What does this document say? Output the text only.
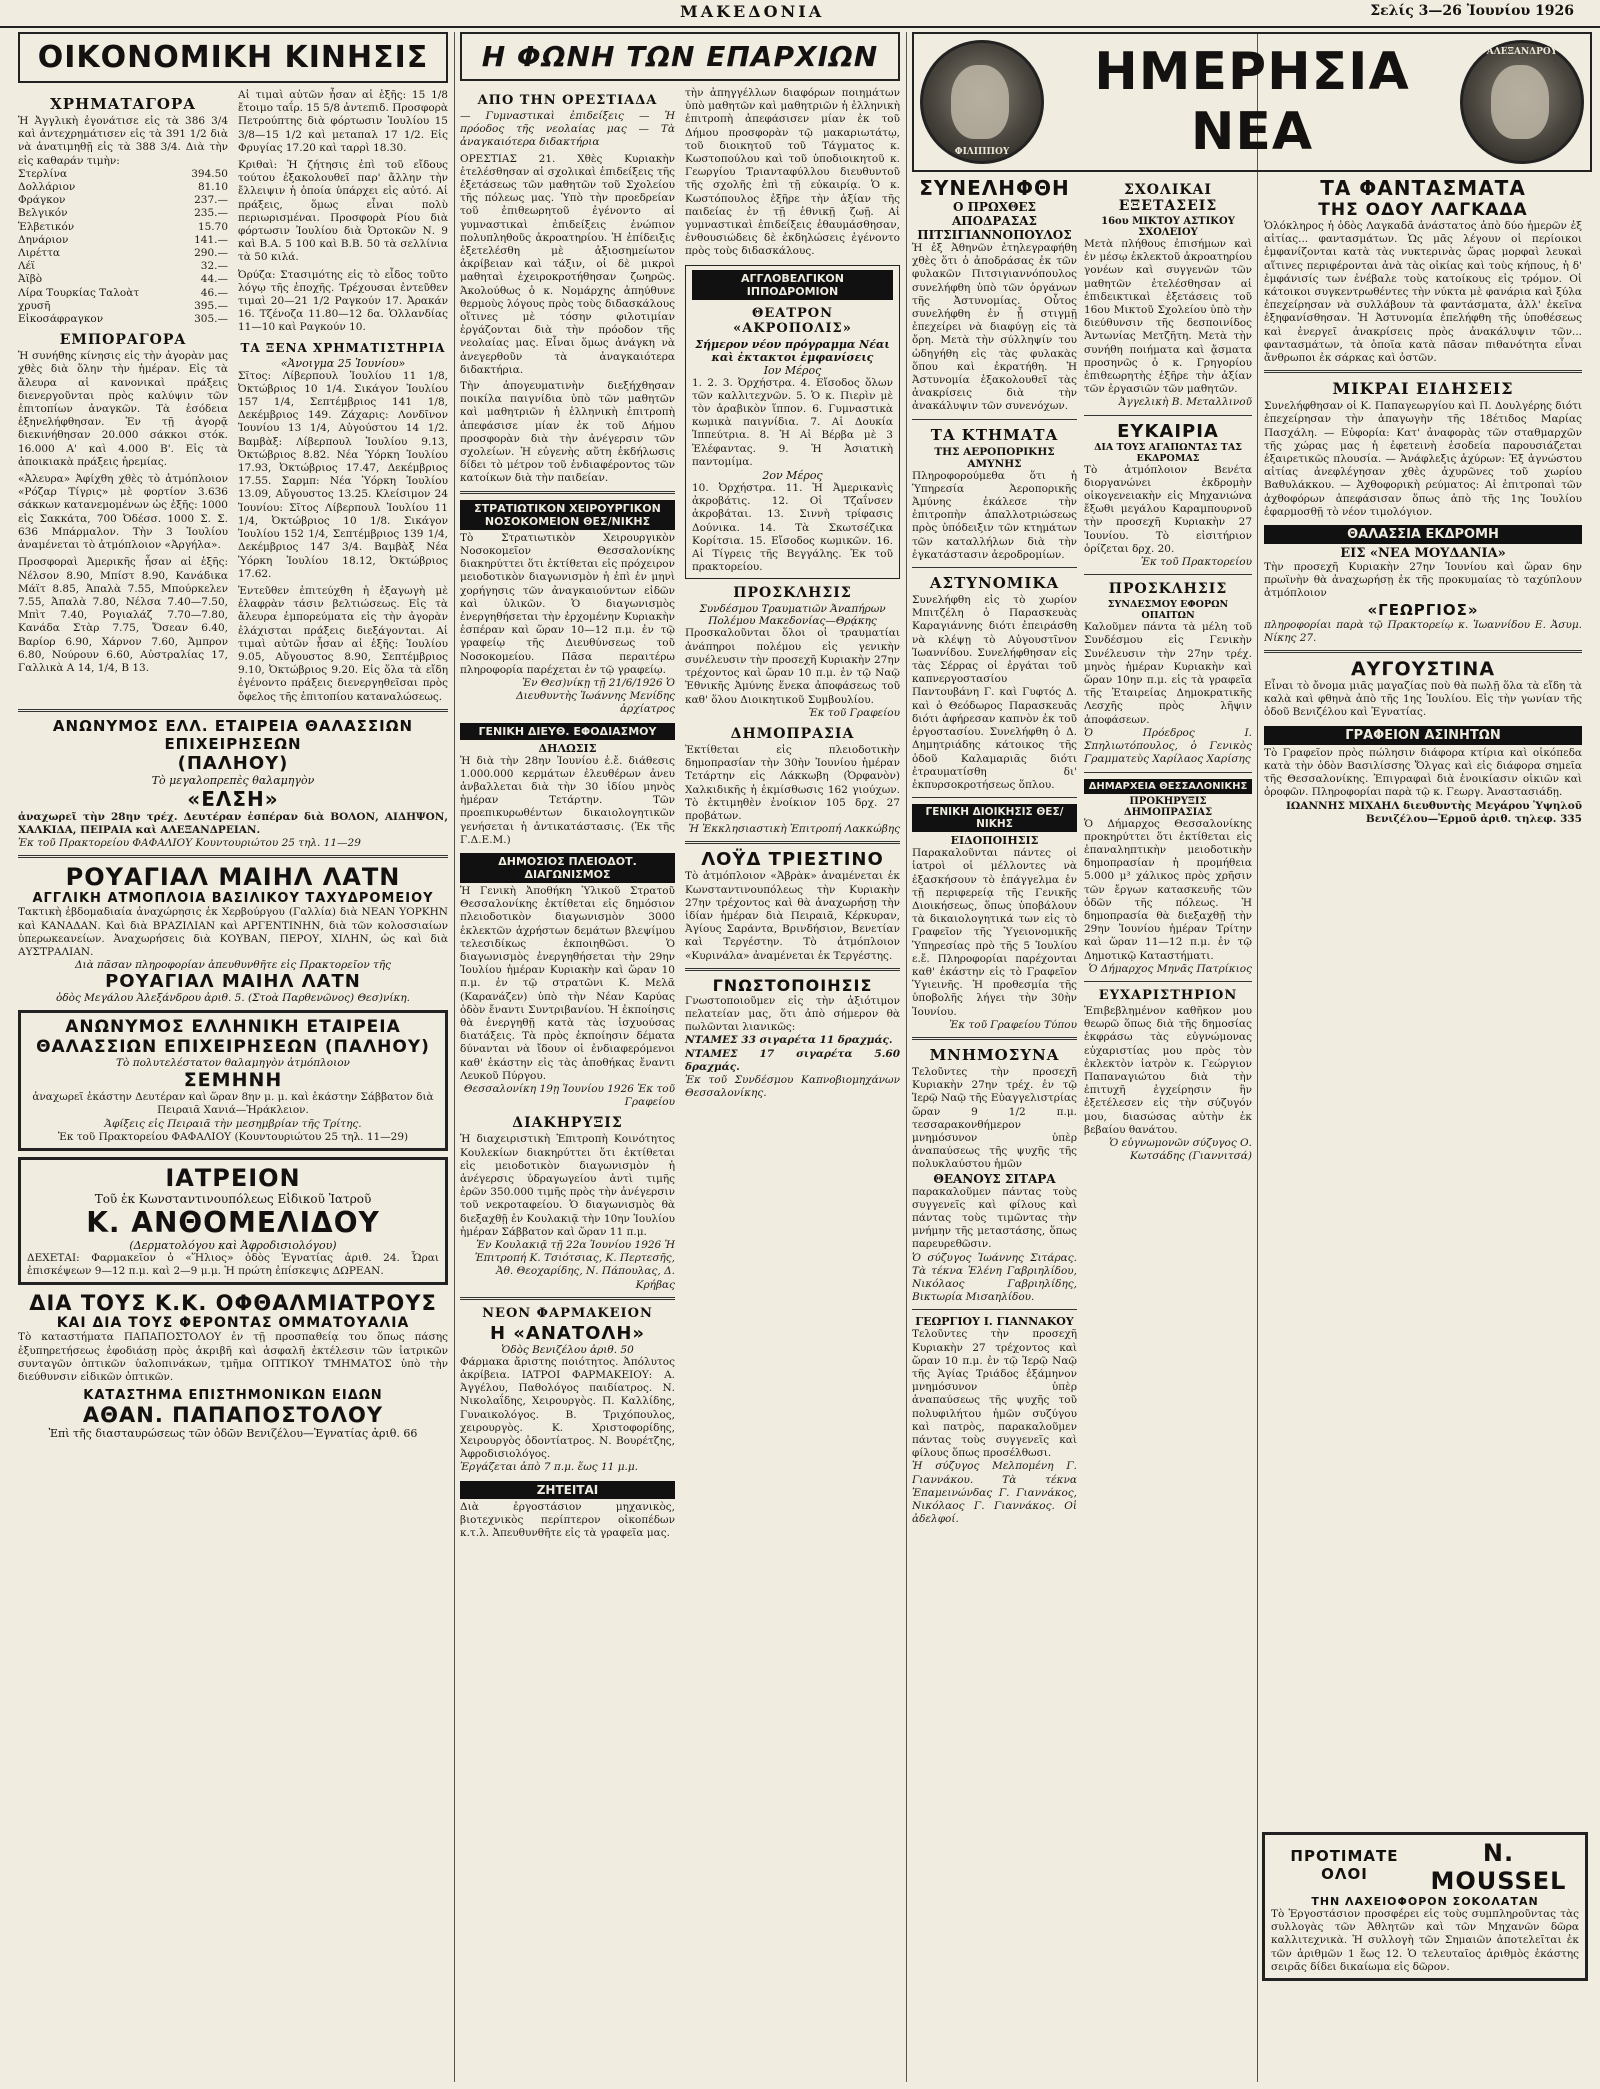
ΜΑΚΕΔΟΝΙΑ	Σελίς 3—26 Ἰουνίου 1926
ΟΙΚΟΝΟΜΙΚΗ ΚΙΝΗΣΙΣ
ΧΡΗΜΑΤΑΓΟΡΑ
Ἡ Ἀγγλικὴ ἐγονάτισε εἰς τὰ 386 3/4 καὶ ἀντεχρημάτισεν εἰς τὰ 391 1/2 διὰ νὰ ἀνατιμηθῇ εἰς τὰ 388 3/4. Διὰ τὴν εἰς καθαράν τιμὴν:
Στερλίνα	394.50
Δολλάριον	81.10
Φράγκον	237.—
Βελγικόν	235.—
Ἑλβετικόν	15.70
Δηνάριον	141.—
Λιρέττα	290.—
Λέϊ	32.—
Ἀϊβὸ	44.—
Λίρα Τουρκίας Ταλοὰτ	46.—
χρυσῆ	395.—
Εἰκοσάφραγκον	305.—
ΕΜΠΟΡΑΓΟΡΑ
Ἡ συνήθης κίνησις εἰς τὴν ἀγορὰν μας χθὲς διὰ ὅλην τὴν ἡμέραν. Εἰς τὰ ἄλευρα αἱ κανονικαὶ πράξεις διενεργοῦνται πρὸς καλύψιν τῶν ἐπιτοπίων ἀναγκῶν. Τὰ ἐσόδεια ἐξηνελήφθησαν. Ἐν τῇ ἀγορᾷ διεκινήθησαν 20.000 σάκκοι στόκ. 16.000 Α' καὶ 4.000 Β'. Εἰς τὰ ἀποικιακὰ πράξεις ἠρεμίας.
«Ἀλευρα» Ἀφίχθη χθὲς τὸ ἀτμόπλοιον «Ρόζαρ Τίγρις» μὲ φορτίον 3.636 σάκκων κατανεμομένων ὡς ἑξῆς: 1000 εἰς Σακκάτα, 700 Ὀδέσσ. 1000 Σ. Σ. 636 Μπάρμαλον. Τὴν 3 Ἰουλίου ἀναμένεται τὸ ἀτμόπλοιον «Ἀργήλα».
Προσφοραὶ Ἀμερικῆς ἦσαν αἱ ἑξῆς: Νέλσον 8.90, Μπίστ 8.90, Κανάδικα Μάϊτ 8.85, Ἀπαλὰ 7.55, Μπούρκελεν 7.55, Ἀπαλὰ 7.80, Νέλσα 7.40—7.50, Μπὶτ 7.40, Ρογιαλάζ 7.70—7.80, Κανάδα Στὰρ 7.75, Ὄσεαν 6.40, Βαρίορ 6.90, Χάρνον 7.60, Ἀμπρον 6.80, Νούρουν 6.60, Αὐστραλίας 17, Γαλλικὰ Α 14, 1/4, Β 13.
Αἱ τιμαὶ αὐτῶν ἦσαν αἱ ἑξῆς: 15 1/8 ἔτοιμο ταΐρ. 15 5/8 ἀντεπιδ. Προσφορὰ Πετρούπτης διὰ φόρτωσιν Ἰουλίου 15 3/8—15 1/2 καὶ μεταπαλ 17 1/2. Εἰς Φρυγίας 17.20 καὶ ταρρὶ 18.30.
Κριθαὶ: Ἡ ζήτησις ἐπὶ τοῦ εἴδους τούτου ἐξακολουθεῖ παρ' ἄλλην τὴν ἔλλειψιν ἡ ὁποία ὑπάρχει εἰς αὐτό. Αἱ πράξεις, ὅμως εἶναι πολὺ περιωρισμέναι. Προσφορὰ Ρίου διὰ φόρτωσιν Ἰουλίου διὰ Ὀρτοκῶν Ν. 9 καὶ Β.Α. 5 100 καὶ Β.Β. 50 τὰ σελλίνια τὰ 50 κιλά.
Ὀρύζα: Στασιμότης εἰς τὸ εἶδος τοῦτο λόγῳ τῆς ἐποχῆς. Τρέχουσαι ἐντεῦθεν τιμαὶ 20—21 1/2 Ραγκούν 17. Ἀρακάν 16. Τζένοζα 11.80—12 δα. Ὁλλανδίας 11—10 καὶ Ραγκούν 10.
ΤΑ ΞΕΝΑ ΧΡΗΜΑΤΙΣΤΗΡΙΑ
«Ἀνοιγμα 25 Ἰουνίου»
Σῖτος: Λίβερπουλ Ἰουλίου 11 1/8, Ὀκτώβριος 10 1/4. Σικάγον Ἰουλίου 157 1/4, Σεπτέμβριος 141 1/8, Δεκέμβριος 149. Ζάχαρις: Λονδῖνον Ἰουνίου 13 1/4, Αὐγούστου 14 1/2. Βαμβὰξ: Λίβερπουλ Ἰουλίου 9.13, Ὀκτώβριος 8.82. Νέα Ὑόρκη Ἰουλίου 17.93, Ὀκτώβριος 17.47, Δεκέμβριος 17.55. Σαρμπ: Νέα Ὑόρκη Ἰουλίου 13.09, Αὔγουστος 13.25. Κλείσιμον 24 Ἰουνίου: Σῖτος Λίβερπουλ Ἰουλίου 11 1/4, Ὀκτώβριος 10 1/8. Σικάγον Ἰουλίου 152 1/4, Σεπτέμβριος 139 1/4, Δεκέμβριος 147 3/4. Βαμβὰξ Νέα Ὑόρκη Ἰουλίου 18.12, Ὀκτώβριος 17.62.
Ἐντεῦθεν ἐπιτεύχθη ἡ ἐξαγωγὴ μὲ ἐλαφρὰν τάσιν βελτιώσεως. Εἰς τὰ ἄλευρα ἐμπορεύματα εἰς τὴν ἀγορὰν ἐλάχισται πράξεις διεξάγονται. Αἱ τιμαὶ αὐτῶν ἦσαν αἱ ἑξῆς: Ἰουλίου 9.05, Αὔγουστος 8.90, Σεπτέμβριος 9.10, Ὀκτώβριος 9.20. Εἰς ὅλα τὰ εἴδη ἐγένοντο πράξεις διενεργηθεῖσαι πρὸς ὄφελος τῆς ἐπιτοπίου καταναλώσεως.
ΑΝΩΝΥΜΟΣ ΕΛΛ. ΕΤΑΙΡΕΙΑ ΘΑΛΑΣΣΙΩΝ ΕΠΙΧΕΙΡΗΣΕΩΝ
(ΠΑΛΗΟΥ)
Τὸ μεγαλοπρεπὲς θαλαμηγὸν
«ΕΛΣΗ»
ἀναχωρεῖ τὴν 28ην τρέχ. Δευτέραν ἑσπέραν διὰ ΒΟΛΟΝ, ΑΙΔΗΨΟΝ, ΧΑΛΚΙΔΑ, ΠΕΙΡΑΙΑ καὶ ΑΛΕΞΑΝΔΡΕΙΑΝ.
Ἐκ τοῦ Πρακτορείου ΦΑΦΑΛΙΟΥ Κουντουριώτου 25 τηλ. 11—29
ΡΟΥΑΓΙΑΛ ΜΑΙΗΛ ΛΑΤΝ
ΑΓΓΛΙΚΗ ΑΤΜΟΠΛΟΙΑ ΒΑΣΙΛΙΚΟΥ ΤΑΧΥΔΡΟΜΕΙΟΥ
Τακτικὴ ἑβδομαδιαία ἀναχώρησις ἐκ Χερβούργου (Γαλλία) διὰ ΝΕΑΝ ΥΟΡΚΗΝ καὶ ΚΑΝΑΔΑΝ. Καὶ διὰ ΒΡΑΖΙΛΙΑΝ καὶ ΑΡΓΕΝΤΙΝΗΝ, διὰ τῶν κολοσσιαίων ὑπερωκεανείων. Ἀναχωρήσεις διὰ ΚΟΥΒΑΝ, ΠΕΡΟΥ, ΧΙΛΗΝ, ὡς καὶ διὰ ΑΥΣΤΡΑΛΙΑΝ.
Διὰ πᾶσαν πληροφορίαν ἀπευθυνθῆτε εἰς Πρακτορεῖον τῆς
ΡΟΥΑΓΙΑΛ ΜΑΙΗΛ ΛΑΤΝ
ὁδὸς Μεγάλου Ἀλεξάνδρου ἀριθ. 5. (Στοὰ Παρθενῶνος) Θεσ)νίκη.
ΑΝΩΝΥΜΟΣ ΕΛΛΗΝΙΚΗ ΕΤΑΙΡΕΙΑ
ΘΑΛΑΣΣΙΩΝ ΕΠΙΧΕΙΡΗΣΕΩΝ (ΠΑΛΗΟΥ)
Τὸ πολυτελέστατον θαλαμηγὸν ἀτμόπλοιον
ΣΕΜΗΝΗ
ἀναχωρεῖ ἑκάστην Δευτέραν καὶ ὥραν 8ην μ. μ. καὶ ἑκάστην Σάββατον διὰ Πειραιᾶ Χανιά—Ἠράκλειον.
Ἀφίξεις εἰς Πειραιᾶ τὴν μεσημβρίαν τῆς Τρίτης.
Ἐκ τοῦ Πρακτορείου ΦΑΦΑΛΙΟΥ (Κουντουριώτου 25 τηλ. 11—29)
ΙΑΤΡΕΙΟΝ
Τοῦ ἐκ Κωνσταντινουπόλεως Εἰδικοῦ Ἰατροῦ
Κ. ΑΝΘΟΜΕΛΙΔΟΥ
(Δερματολόγου καὶ Ἀφροδισιολόγου)
ΔΕΧΕΤΑΙ: Φαρμακεῖον ὁ «Ἥλιος» ὁδὸς Ἐγνατίας ἀριθ. 24. Ὧραι ἐπισκέψεων 9—12 π.μ. καὶ 2—9 μ.μ. Ἡ πρώτη ἐπίσκεψις ΔΩΡΕΑΝ.
ΔΙΑ ΤΟΥΣ Κ.Κ. ΟΦΘΑΛΜΙΑΤΡΟΥΣ
ΚΑΙ ΔΙΑ ΤΟΥΣ ΦΕΡΟΝΤΑΣ ΟΜΜΑΤΟΥΑΛΙΑ
Τὸ καταστήματα ΠΑΠΑΠΟΣΤΟΛΟΥ ἐν τῇ προσπαθείᾳ του ὅπως πάσης ἐξυπηρετήσεως ἐφοδιάσῃ πρὸς ἀκριβῆ καὶ ἀσφαλῆ ἐκτέλεσιν τῶν ἰατρικῶν συνταγῶν ὀπτικῶν ὑαλοπινάκων, τμῆμα ΟΠΤΙΚΟΥ ΤΜΗΜΑΤΟΣ ὑπὸ τὴν διεύθυνσιν εἰδικῶν ὀπτικῶν.
ΚΑΤΑΣΤΗΜΑ ΕΠΙΣΤΗΜΟΝΙΚΩΝ ΕΙΔΩΝ
ΑΘΑΝ. ΠΑΠΑΠΟΣΤΟΛΟΥ
Ἐπὶ τῆς διασταυρώσεως τῶν ὁδῶν Βενιζέλου—Ἐγνατίας ἀριθ. 66
Η ΦΩΝΗ ΤΩΝ ΕΠΑΡΧΙΩΝ
ΑΠΟ ΤΗΝ ΟΡΕΣΤΙΑΔΑ
— Γυμναστικαὶ ἐπιδείξεις — Ἡ πρόοδος τῆς νεολαίας μας — Τὰ ἀναγκαιότερα διδακτήρια
ΟΡΕΣΤΙΑΣ 21. Χθὲς Κυριακὴν ἐτελέσθησαν αἱ σχολικαὶ ἐπιδείξεις τῆς ἐξετάσεως τῶν μαθητῶν τοῦ Σχολείου τῆς πόλεως μας. Ὑπὸ τὴν προεδρείαν τοῦ ἐπιθεωρητοῦ ἐγένοντο αἱ γυμναστικαὶ ἐπιδείξεις ἐνώπιον πολυπληθοῦς ἀκροατηρίου. Ἡ ἐπίδειξις ἐξετελέσθη μὲ ἀξιοσημείωτον ἀκρίβειαν καὶ τάξιν, οἱ δὲ μικροὶ μαθηταὶ ἐχειροκροτήθησαν ζωηρῶς. Ἀκολούθως ὁ κ. Νομάρχης ἀπηύθυνε θερμοὺς λόγους πρὸς τοὺς διδασκάλους οἵτινες μὲ τόσην φιλοτιμίαν ἐργάζονται διὰ τὴν πρόοδον τῆς νεολαίας μας. Εἶναι ὅμως ἀνάγκη νὰ ἀνεγερθοῦν τὰ ἀναγκαιότερα διδακτήρια.
Τὴν ἀπογευματινὴν διεξήχθησαν ποικίλα παιγνίδια ὑπὸ τῶν μαθητῶν καὶ μαθητριῶν ἡ ἑλληνικὴ ἐπιτροπὴ ἀπεφάσισε μίαν ἐκ τοῦ Δήμου προσφορὰν διὰ τὴν ἀνέγερσιν τῶν σχολείων. Ἡ εὐγενὴς αὕτη ἐκδήλωσις δίδει τὸ μέτρον τοῦ ἐνδιαφέροντος τῶν κατοίκων διὰ τὴν παιδείαν.
ΣΤΡΑΤΙΩΤΙΚΟΝ ΧΕΙΡΟΥΡΓΙΚΟΝ ΝΟΣΟΚΟΜΕΙΟΝ ΘΕΣ/ΝΙΚΗΣ
Τὸ Στρατιωτικὸν Χειρουργικὸν Νοσοκομεῖον Θεσσαλονίκης διακηρύττει ὅτι ἐκτίθεται εἰς πρόχειρον μειοδοτικὸν διαγωνισμὸν ἡ ἐπὶ ἐν μηνὶ χορήγησις τῶν ἀναγκαιούντων εἰδῶν καὶ ὑλικῶν. Ὁ διαγωνισμὸς ἐνεργηθήσεται τὴν ἐρχομένην Κυριακὴν ἐσπέραν καὶ ὥραν 10—12 π.μ. ἐν τῷ γραφείῳ τῆς Διευθύνσεως τοῦ Νοσοκομείου. Πᾶσα περαιτέρω πληροφορία παρέχεται ἐν τῷ γραφείῳ.
Ἐν Θεσ)νίκῃ τῇ 21/6/1926 Ὁ Διευθυντὴς Ἰωάννης Μενίδης ἀρχίατρος
ΓΕΝΙΚΗ ΔΙΕΥΘ. ΕΦΟΔΙΑΣΜΟΥ
ΔΗΛΩΣΙΣ
Ἡ διὰ τὴν 28ην Ἰουνίου ἐ.ἔ. διάθεσις 1.000.000 κερμάτων ἐλευθέρων ἀνευ ἀνβαλλεται διὰ τὴν 30 ἰδίου μηνὸς ἡμέραν Τετάρτην. Τῶν προεπικυρωθέντων δικαιολογητικῶν γενήσεται ἡ ἀντικατάστασις. (Ἐκ τῆς Γ.Δ.Ε.Μ.)
ΔΗΜΟΣΙΟΣ ΠΛΕΙΟΔΟΤ. ΔΙΑΓΩΝΙΣΜΟΣ
Ἡ Γενικὴ Ἀποθήκη Ὑλικοῦ Στρατοῦ Θεσσαλονίκης ἐκτίθεται εἰς δημόσιον πλειοδοτικὸν διαγωνισμὸν 3000 ἐκλεκτῶν ἀχρήστων δεμάτων βλεψίμου τελεσιδίκως ἐκποιηθῶσι. Ὁ διαγωνισμὸς ἐνεργηθήσεται τὴν 29ην Ἰουλίου ἡμέραν Κυριακὴν καὶ ὥραν 10 π.μ. ἐν τῷ στρατῶνι Κ. Μελᾶ (Καρανάζεν) ὑπὸ τὴν Νέαν Καρύας ὁδὸν ἔναντι Συντριβανίου. Ἡ ἐκποίησις θὰ ἐνεργηθῇ κατὰ τὰς ἰσχυούσας διατάξεις. Τὰ πρὸς ἐκποίησιν δέματα δύνανται νὰ ἴδουν οἱ ἐνδιαφερόμενοι καθ' ἑκάστην εἰς τὰς ἀποθήκας ἔναντι Λευκοῦ Πύργου.
Θεσσαλονίκη 19ῃ Ἰουνίου 1926 Ἐκ τοῦ Γραφείου
ΔΙΑΚΗΡΥΞΙΣ
Ἡ διαχειριστικὴ Ἐπιτροπὴ Κοινότητος Κουλεκίων διακηρύττει ὅτι ἐκτίθεται εἰς μειοδοτικὸν διαγωνισμὸν ἡ ἀνέγερσις ὑδραγωγείου ἀντὶ τιμῆς ἐρῶν 350.000 τιμῆς πρὸς τὴν ἀνέγερσιν τοῦ νεκροταφείου. Ὁ διαγωνισμὸς θὰ διεξαχθῇ ἐν Κουλακιᾷ τὴν 10ην Ἰουλίου ἡμέραν Σάββατον καὶ ὥραν 11 π.μ.
Ἐν Κουλακιᾷ τῇ 22α Ἰουνίου 1926 Ἡ Ἐπιτροπή Κ. Τσιότσιας, Κ. Περτεσῆς, Ἀθ. Θεοχαρίδης, Ν. Πάπουλας, Δ. Κρήβας
ΝΕΟΝ ΦΑΡΜΑΚΕΙΟΝ
Η «ΑΝΑΤΟΛΗ»
Ὁδὸς Βενιζέλου ἀριθ. 50
Φάρμακα ἄριστης ποιότητος. Ἀπόλυτος ἀκρίβεια. ΙΑΤΡΟΙ ΦΑΡΜΑΚΕΙΟΥ: Α. Ἀγγέλου, Παθολόγος παιδίατρος. Ν. Νικολαΐδης, Χειρουργὸς. Π. Καλλίδης, Γυναικολόγος. Β. Τριχόπουλος, χειρουργὸς. Κ. Χριστοφορίδης, Χειρουργὸς ὀδοντίατρος. Ν. Βουρέτζης, Ἀφροδισιολόγος.
Ἐργάζεται ἀπὸ 7 π.μ. ἕως 11 μ.μ.
ΖΗΤΕΙΤΑΙ
Διὰ ἐργοστάσιον μηχανικὸς, βιοτεχνικὸς περίπτερον οἰκοπέδων κ.τ.λ. Ἀπευθυνθῆτε εἰς τὰ γραφεῖα μας.
τὴν ἀπηγγέλλων διαφόρων ποιημάτων ὑπὸ μαθητῶν καὶ μαθητριῶν ἡ ἑλληνικὴ ἐπιτροπὴ ἀπεφάσισεν μίαν ἐκ τοῦ Δήμου προσφορὰν τῷ μακαριωτάτῳ, τοῦ διοικητοῦ τοῦ Τάγματος κ. Κωστοπούλου καὶ τοῦ ὑποδιοικητοῦ κ. Γεωργίου Τριανταφύλλου διευθυντοῦ τῆς σχολῆς ἐπὶ τῇ εὐκαιρίᾳ. Ὁ κ. Κωστόπουλος ἐξῆρε τὴν ἀξίαν τῆς παιδείας ἐν τῇ ἐθνικῇ ζωῇ. Αἱ γυμναστικαὶ ἐπιδείξεις ἐθαυμάσθησαν, ἐνθουσιώδεις δὲ ἐκδηλώσεις ἐγένοντο πρὸς τοὺς διδασκάλους.
ΑΓΓΛΟΒΕΛΓΙΚΟΝ ΙΠΠΟΔΡΟΜΙΟΝ
ΘΕΑΤΡΟΝ «ΑΚΡΟΠΟΛΙΣ»
Σήμερον νέον πρόγραμμα Νέαι καὶ ἐκτακτοι ἐμφανίσεις
Ιον Μέρος
1. 2. 3. Ὀρχήστρα. 4. Εἴσοδος ὅλων τῶν καλλιτεχνῶν. 5. Ὁ κ. Πιερὶν μὲ τὸν ἀραβικὸν ἵππον. 6. Γυμναστικὰ κωμικὰ παιγνίδια. 7. Αἱ Δουκία Ἱππεύτρια. 8. Ἡ Αἱ Βέρβα μὲ 3 Ἐλέφαντας. 9. Ἡ Ἀσιατικὴ παντομίμα.
2ον Μέρος
10. Ὀρχήστρα. 11. Ἡ Ἀμερικανὶς ἀκροβάτις. 12. Οἱ Τζαΐνσεν ἀκροβάται. 13. Σιννὴ τρίφασις Δούνικα. 14. Τὰ Σκωτσέζικα Κορίτσια. 15. Εἴσοδος κωμικῶν. 16. Αἱ Τίγρεις τῆς Βεγγάλης. Ἐκ τοῦ πρακτορείου.
ΠΡΟΣΚΛΗΣΙΣ
Συνδέσμου Τραυματιῶν Ἀναπήρων Πολέμου Μακεδονίας—Θρᾴκης
Προσκαλοῦνται ὅλοι οἱ τραυματίαι ἀνάπηροι πολέμου εἰς γενικὴν συνέλευσιν τὴν προσεχῆ Κυριακὴν 27ην τρέχοντος καὶ ὥραν 10 π.μ. ἐν τῷ Ναῷ Ἐθνικῆς Ἀμύνης ἕνεκα ἀποφάσεως τοῦ καθ' ὅλου Διοικητικοῦ Συμβουλίου.
Ἐκ τοῦ Γραφείου
ΔΗΜΟΠΡΑΣΙΑ
Ἐκτίθεται εἰς πλειοδοτικὴν δημοπρασίαν τὴν 30ὴν Ἰουνίου ἡμέραν Τετάρτην εἰς Λάκκωβη (Ὀρφανὸν) Χαλκιδικῆς ἡ ἐκμίσθωσις 162 γιούχων. Τὸ ἐκτιμηθὲν ἐνοίκιον 105 δρχ. 27 προβάτων.
Ἡ Ἐκκλησιαστικὴ Ἐπιτροπή Λακκώβης
ΛΟΫΔ ΤΡΙΕΣΤΙΝΟ
Τὸ ἀτμόπλοιον «Ἀβρὰκ» ἀναμένεται ἐκ Κωνσταντινουπόλεως τὴν Κυριακὴν 27ην τρέχοντος καὶ θὰ ἀναχωρήσῃ τὴν ἰδίαν ἡμέραν διὰ Πειραιᾶ, Κέρκυραν, Ἀγίους Σαράντα, Βρινδήσιον, Βενετίαν καὶ Τεργέστην. Τὸ ἀτμόπλοιον «Κυρινάλα» ἀναμένεται ἐκ Τεργέστης.
ΓΝΩΣΤΟΠΟΙΗΣΙΣ
Γνωστοποιοῦμεν εἰς τὴν ἀξιότιμον πελατείαν μας, ὅτι ἀπὸ σήμερον θὰ πωλῶνται λιανικῶς:
ΝΤΑΜΕΣ 33 σιγαρέτα 11 δραχμάς.
ΝΤΑΜΕΣ 17 σιγαρέτα 5.60 δραχμάς.
Ἐκ τοῦ Συνδέσμου Καπνοβιομηχάνων Θεσσαλονίκης.
ΦΙΛΙΠΠΟΥ
ΗΜΕΡΗΣΙΑ ΝΕΑ
ΑΛΕΞΑΝΔΡΟΥ
ΣΥΝΕΛΗΦΘΗ
Ο ΠΡΩΧΘΕΣ ΑΠΟΔΡΑΣΑΣ ΠΙΤΣΙΓΙΑΝΝΟΠΟΥΛΟΣ
Ἡ ἐξ Ἀθηνῶν ἐτηλεγραφήθη χθὲς ὅτι ὁ ἀποδράσας ἐκ τῶν φυλακῶν Πιτσιγιαννόπουλος συνελήφθη ὑπὸ τῶν ὀργάνων τῆς Ἀστυνομίας. Οὗτος συνελήφθη ἐν ᾗ στιγμῇ ἐπεχείρει νὰ διαφύγῃ εἰς τὰ ὄρη. Μετὰ τὴν σύλληψίν του ὡδηγήθη εἰς τὰς φυλακὰς ὅπου καὶ ἐκρατήθη. Ἡ Ἀστυνομία ἐξακολουθεῖ τὰς ἀνακρίσεις διὰ τὴν ἀνακάλυψιν τῶν συνενόχων.
ΤΑ ΚΤΗΜΑΤΑ
ΤΗΣ ΑΕΡΟΠΟΡΙΚΗΣ ΑΜΥΝΗΣ
Πληροφορούμεθα ὅτι ἡ Ὑπηρεσία Ἀεροπορικῆς Ἀμύνης ἐκάλεσε τὴν ἐπιτροπὴν ἀπαλλοτριώσεως πρὸς ὑπόδειξιν τῶν κτημάτων τῶν καταλλήλων διὰ τὴν ἐγκατάστασιν ἀεροδρομίων.
ΑΣΤΥΝΟΜΙΚΑ
Συνελήφθη εἰς τὸ χωρίον Μπιτζέλη ὁ Παρασκευὰς Καραγιάννης διότι ἐπειράσθη νὰ κλέψῃ τὸ Αὐγουστῖνον Ἰωαννίδου. Συνελήφθησαν εἰς τὰς Σέρρας οἱ ἐργάται τοῦ καπνεργοστασίου Παντουβάνη Γ. καὶ Γυφτός Δ. καὶ ὁ Θεόδωρος Παρασκευᾶς διότι ἀφήρεσαν καπνὸν ἐκ τοῦ ἐργοστασίου. Συνελήφθη ὁ Δ. Δημητριάδης κάτοικος τῆς ὁδοῦ Καλαμαριᾶς διότι ἐτραυματίσθη δι' ἐκπυρσοκροτήσεως ὅπλου.
ΓΕΝΙΚΗ ΔΙΟΙΚΗΣΙΣ ΘΕΣ/ΝΙΚΗΣ
ΕΙΔΟΠΟΙΗΣΙΣ
Παρακαλοῦνται πάντες οἱ ἰατροὶ οἱ μέλλοντες νὰ ἐξασκήσουν τὸ ἐπάγγελμα ἐν τῇ περιφερείᾳ τῆς Γενικῆς Διοικήσεως, ὅπως ὑποβάλουν τὰ δικαιολογητικά των εἰς τὸ Γραφεῖον τῆς Ὑγειονομικῆς Ὑπηρεσίας πρὸ τῆς 5 Ἰουλίου ε.ἔ. Πληροφορίαι παρέχονται καθ' ἑκάστην εἰς τὸ Γραφεῖον Ὑγιεινῆς. Ἡ προθεσμία τῆς ὑποβολῆς λήγει τὴν 30ὴν Ἰουνίου.
Ἐκ τοῦ Γραφείου Τύπου
ΜΝΗΜΟΣΥΝΑ
Τελοῦντες τὴν προσεχῆ Κυριακὴν 27ην τρέχ. ἐν τῷ Ἱερῷ Ναῷ τῆς Εὐαγγελιστρίας ὥραν 9 1/2 π.μ. τεσσαρακονθήμερον μνημόσυνον ὑπὲρ ἀναπαύσεως τῆς ψυχῆς τῆς πολυκλαύστου ἡμῶν
ΘΕΑΝΟΥΣ ΣΙΤΑΡΑ
παρακαλοῦμεν πάντας τοὺς συγγενεῖς καὶ φίλους καὶ πάντας τοὺς τιμῶντας τὴν μνήμην τῆς μεταστάσης, ὅπως παρευρεθῶσιν.
Ὁ σύζυγος Ἰωάννης Σιτάρας. Τὰ τέκνα Ἑλένη Γαβριηλίδου, Νικόλαος Γαβριηλίδης, Βικτωρία Μισαηλίδου.
ΓΕΩΡΓΙΟΥ Ι. ΓΙΑΝΝΑΚΟΥ
Τελοῦντες τὴν προσεχῆ Κυριακὴν 27 τρέχοντος καὶ ὥραν 10 π.μ. ἐν τῷ Ἱερῷ Ναῷ τῆς Ἁγίας Τριάδος ἐξάμηνον μνημόσυνον ὑπὲρ ἀναπαύσεως τῆς ψυχῆς τοῦ πολυφιλήτου ἡμῶν συζύγου καὶ πατρὸς, παρακαλοῦμεν πάντας τοὺς συγγενεῖς καὶ φίλους ὅπως προσέλθωσι.
Ἡ σύζυγος Μελπομένη Γ. Γιαννάκου. Τὰ τέκνα Ἐπαμεινώνδας Γ. Γιαννάκος, Νικόλαος Γ. Γιαννάκος. Οἱ ἀδελφοί.
ΣΧΟΛΙΚΑΙ ΕΞΕΤΑΣΕΙΣ
16ου ΜΙΚΤΟΥ ΑΣΤΙΚΟΥ ΣΧΟΛΕΙΟΥ
Μετὰ πλήθους ἐπισήμων καὶ ἐν μέσῳ ἐκλεκτοῦ ἀκροατηρίου γονέων καὶ συγγενῶν τῶν μαθητῶν ἐτελέσθησαν αἱ ἐπιδεικτικαὶ ἐξετάσεις τοῦ 16ου Μικτοῦ Σχολείου ὑπὸ τὴν διεύθυνσιν τῆς δεσποινίδος Ἀντωνίας Μετζῆτη. Μετὰ τὴν συνήθη ποιήματα καὶ ᾄσματα προσηνῶς ὁ κ. Γρηγορίου ἐπιθεωρητὴς ἐξῆρε τὴν ἀξίαν τῶν ἐργασιῶν τῶν μαθητῶν.
Ἀγγελικὴ Β. Μεταλλινοῦ
ΕΥΚΑΙΡΙΑ
ΔΙΑ ΤΟΥΣ ΑΓΑΠΩΝΤΑΣ ΤΑΣ ΕΚΔΡΟΜΑΣ
Τὸ ἀτμόπλοιον Βενέτα διοργανώνει ἐκδρομὴν οἰκογενειακὴν εἰς Μηχανιώνα ἔξωθι μεγάλου Καραμπουρνοῦ τὴν προσεχῆ Κυριακὴν 27 Ἰουνίου. Τὸ εἰσιτήριον ὁρίζεται δρχ. 20.
Ἐκ τοῦ Πρακτορείου
ΠΡΟΣΚΛΗΣΙΣ
ΣΥΝΔΕΣΜΟΥ ΕΦΟΡΩΝ ΟΠΑΙΤΩΝ
Καλοῦμεν πάντα τὰ μέλη τοῦ Συνδέσμου εἰς Γενικὴν Συνέλευσιν τὴν 27ην τρέχ. μηνὸς ἡμέραν Κυριακὴν καὶ ὥραν 10ην π.μ. εἰς τὰ γραφεῖα τῆς Ἐταιρείας Δημοκρατικῆς Λεσχῆς πρὸς λῆψιν ἀποφάσεων.
Ὁ Πρόεδρος Ι. Σπηλιωτόπουλος, ὁ Γενικὸς Γραμματεὺς Χαρίλαος Χαρίσης
ΔΗΜΑΡΧΕΙΑ ΘΕΣΣΑΛΟΝΙΚΗΣ
ΠΡΟΚΗΡΥΞΙΣ ΔΗΜΟΠΡΑΣΙΑΣ
Ὁ Δήμαρχος Θεσσαλονίκης προκηρύττει ὅτι ἐκτίθεται εἰς ἐπαναληπτικὴν μειοδοτικὴν δημοπρασίαν ἡ προμήθεια 5.000 μ³ χάλικος πρὸς χρῆσιν τῶν ἔργων κατασκευῆς τῶν ὁδῶν τῆς πόλεως. Ἡ δημοπρασία θὰ διεξαχθῇ τὴν 29ην Ἰουνίου ἡμέραν Τρίτην καὶ ὥραν 11—12 π.μ. ἐν τῷ Δημοτικῷ Καταστήματι.
Ὁ Δήμαρχος Μηνᾶς Πατρίκιος
ΕΥΧΑΡΙΣΤΗΡΙΟΝ
Ἐπιβεβλημένον καθῆκον μου θεωρῶ ὅπως διὰ τῆς δημοσίας ἐκφράσω τὰς εὐγνώμονας εὐχαριστίας μου πρὸς τὸν ἐκλεκτὸν ἰατρὸν κ. Γεώργιον Παπαναγιώτου διὰ τὴν ἐπιτυχῆ ἐγχείρησιν ἣν ἐξετέλεσεν εἰς τὴν σύζυγόν μου, διασώσας αὐτὴν ἐκ βεβαίου θανάτου.
Ὁ εὐγνωμονῶν σύζυγος Ο. Κωτσάδης (Γιαννιτσά)
ΤΑ ΦΑΝΤΑΣΜΑΤΑ
ΤΗΣ ΟΔΟΥ ΛΑΓΚΑΔΑ
Ὁλόκληρος ἡ ὁδὸς Λαγκαδᾶ ἀνάστατος ἀπὸ δύο ἡμερῶν ἐξ αἰτίας... φαντασμάτων. Ὡς μᾶς λέγουν οἱ περίοικοι ἐμφανίζονται κατὰ τὰς νυκτερινὰς ὥρας μορφαὶ λευκαὶ αἵτινες περιφέρονται ἀνὰ τὰς οἰκίας καὶ τοὺς κήπους, ἡ δ' ἐμφάνισίς των ἐνέβαλε τοὺς κατοίκους εἰς τρόμον. Οἱ κάτοικοι συγκεντρωθέντες τὴν νύκτα μὲ φανάρια καὶ ξύλα ἐπεχείρησαν νὰ συλλάβουν τὰ φαντάσματα, ἀλλ' ἐκεῖνα ἐξηφανίσθησαν. Ἡ Ἀστυνομία ἐπελήφθη τῆς ὑποθέσεως καὶ ἐνεργεῖ ἀνακρίσεις πρὸς ἀνακάλυψιν τῶν... φαντασμάτων, τὰ ὁποῖα κατὰ πᾶσαν πιθανότητα εἶναι ἄνθρωποι ἐκ σάρκας καὶ ὀστῶν.
ΜΙΚΡΑΙ ΕΙΔΗΣΕΙΣ
Συνελήφθησαν οἱ Κ. Παπαγεωργίου καὶ Π. Δουλγέρης διότι ἐπεχείρησαν τὴν ἀπαγωγὴν τῆς 18έτιδος Μαρίας Πασχάλη. — Εὐφορία: Κατ' ἀναφορὰς τῶν σταθμαρχῶν τῆς χώρας μας ἡ ἐφετεινὴ ἐσοδεία παρουσιάζεται ἐξαιρετικῶς πλουσία. — Ἀνάφλεξις ἀχύρων: Ἐξ ἀγνώστου αἰτίας ἀνεφλέγησαν χθὲς ἀχυρῶνες τοῦ χωρίου Βαθυλάκκου. — Ἀχθοφορικὴ ρεύματος: Αἱ ἐπιτροπαὶ τῶν ἀχθοφόρων ἀπεφάσισαν ὅπως ἀπὸ τῆς 1ης Ἰουλίου ἐφαρμοσθῇ τὸ νέον τιμολόγιον.
ΘΑΛΑΣΣΙΑ ΕΚΔΡΟΜΗ
ΕΙΣ «ΝΕΑ ΜΟΥΔΑΝΙΑ»
Τὴν προσεχῆ Κυριακὴν 27ην Ἰουνίου καὶ ὥραν 6ην πρωϊνὴν θὰ ἀναχωρήσῃ ἐκ τῆς προκυμαίας τὸ ταχύπλουν ἀτμόπλοιον
«ΓΕΩΡΓΙΟΣ»
πληροφορίαι παρὰ τῷ Πρακτορείῳ κ. Ἰωαννίδου Ε. Ἀσυμ. Νίκης 27.
ΑΥΓΟΥΣΤΙΝΑ
Εἶναι τὸ ὄνομα μιᾶς μαγαζίας ποὺ θὰ πωλῇ ὅλα τὰ εἴδη τὰ καλὰ καὶ φθηνὰ ἀπὸ τῆς 1ης Ἰουλίου. Εἰς τὴν γωνίαν τῆς ὁδοῦ Βενιζέλου καὶ Ἐγνατίας.
ΓΡΑΦΕΙΟΝ ΑΣΙΝΗΤΩΝ
Τὸ Γραφεῖον πρὸς πώλησιν διάφορα κτίρια καὶ οἰκόπεδα κατὰ τὴν ὁδὸν Βασιλίσσης Ὄλγας καὶ εἰς διάφορα σημεῖα τῆς Θεσσαλονίκης. Ἐπιγραφαὶ διὰ ἐνοικίασιν οἰκιῶν καὶ ὀροφῶν. Πληροφορίαι παρὰ τῷ κ. Γεωργ. Ἀναστασιάδῃ.
ΙΩΑΝΝΗΣ ΜΙΧΑΗΛ διευθυντὴς Μεγάρου Ὑψηλοῦ Βενιζέλου—Ἑρμοῦ ἀριθ. τηλεφ. 335
ΠΡΟΤΙΜΑΤΕ ΟΛΟΙ
N. MOUSSEL
ΤΗΝ ΛΑΧΕΙΟΦΟΡΟΝ ΣΟΚΟΛΑΤΑΝ
Τὸ Ἐργοστάσιον προσφέρει εἰς τοὺς συμπληροῦντας τὰς συλλογὰς τῶν Ἀθλητῶν καὶ τῶν Μηχανῶν δῶρα καλλιτεχνικὰ. Ἡ συλλογὴ τῶν Σημαιῶν ἀποτελεῖται ἐκ τῶν ἀριθμῶν 1 ἕως 12. Ὁ τελευταῖος ἀριθμὸς ἑκάστης σειρᾶς δίδει δικαίωμα εἰς δῶρον.
